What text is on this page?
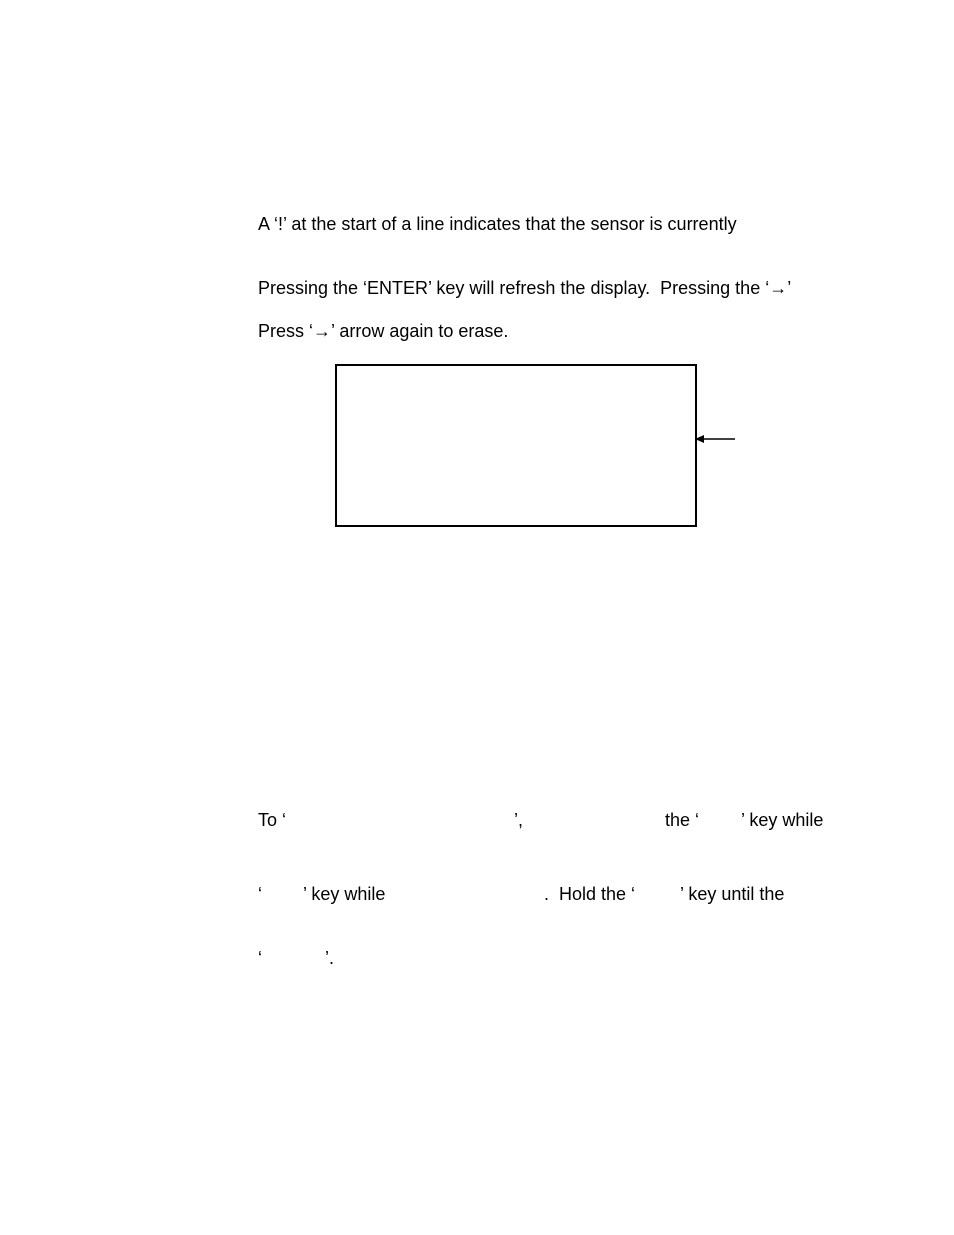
A ‘!’ at the start of a line indicates that the sensor is currently

Pressing the ‘ENTER’ key will refresh the display.  Pressing the ‘→’

Press ‘→’ arrow again to erase.

To ‘	’,	the ‘ ’ key while
‘ ’ key while	.  Hold the ‘ ’ key until the
‘	’.
